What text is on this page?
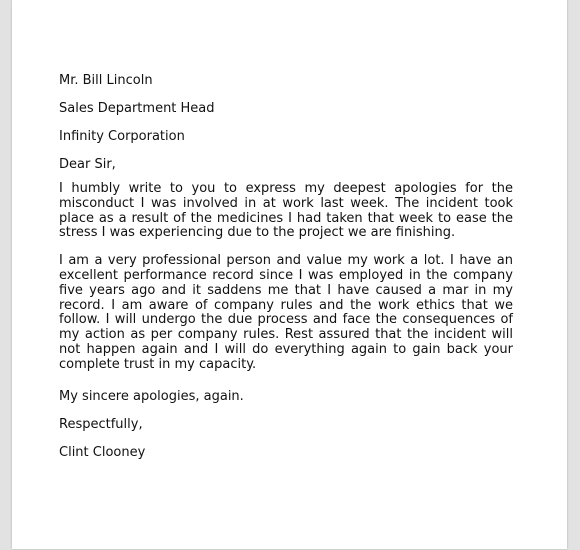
Mr. Bill Lincoln

Sales Department Head

Infinity Corporation

Dear Sir,

I humbly write to you to express my deepest apologies for the misconduct I was involved in at work last week. The incident took place as a result of the medicines I had taken that week to ease the stress I was experiencing due to the project we are finishing.

I am a very professional person and value my work a lot. I have an excellent performance record since I was employed in the company five years ago and it saddens me that I have caused a mar in my record. I am aware of company rules and the work ethics that we follow. I will undergo the due process and face the consequences of my action as per company rules. Rest assured that the incident will not happen again and I will do everything again to gain back your complete trust in my capacity.

My sincere apologies, again.

Respectfully,

Clint Clooney
